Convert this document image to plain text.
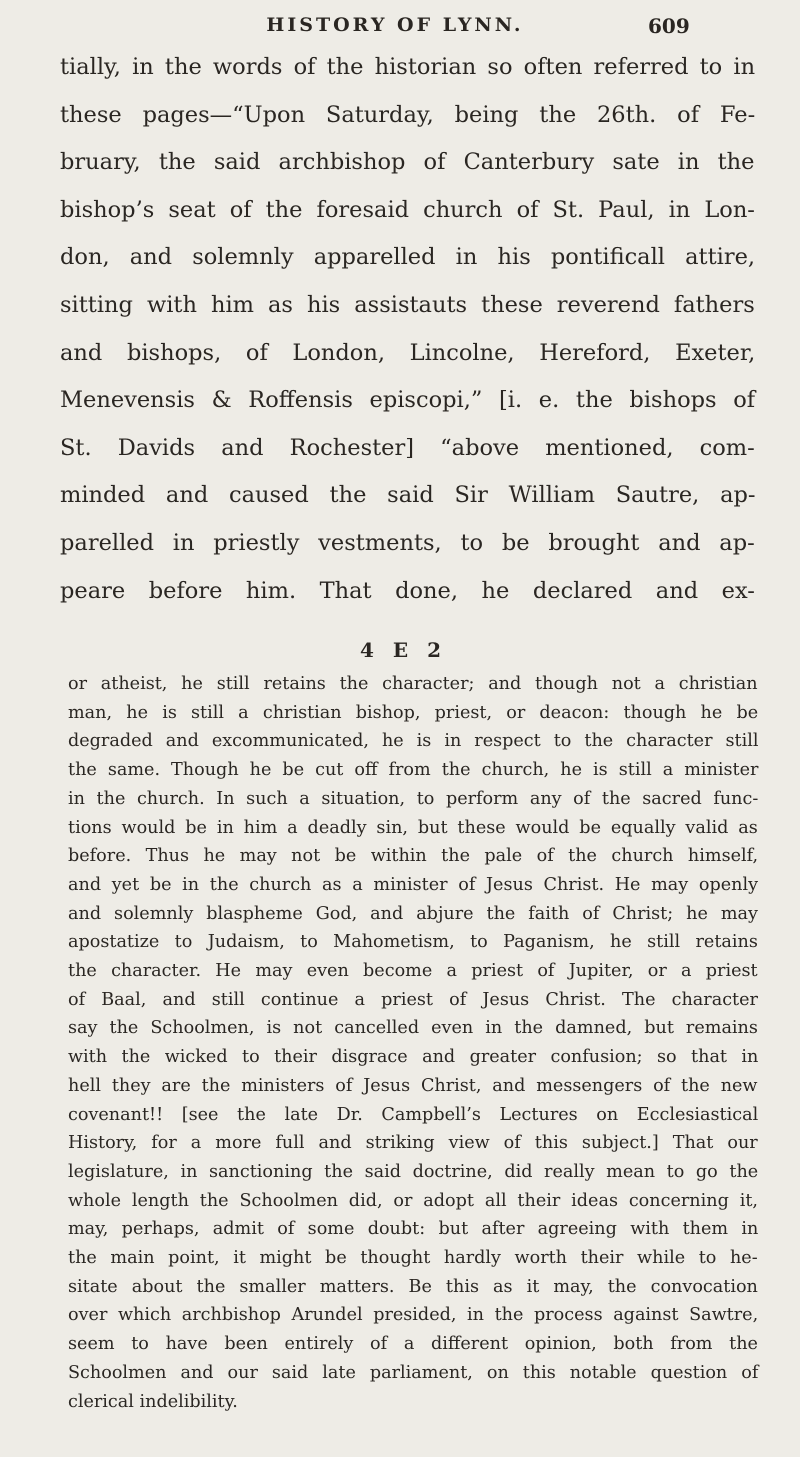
HISTORY OF LYNN.	609
tially, in the words of the historian so often referred to in
these pages—“Upon Saturday, being the 26th. of Fe-
bruary, the said archbishop of Canterbury sate in the
bishop’s seat of the foresaid church of St. Paul, in Lon-
don, and solemnly apparelled in his pontificall attire,
sitting with him as his assistauts these reverend fathers
and bishops, of London, Lincolne, Hereford, Exeter,
Menevensis & Roffensis episcopi,” [i. e. the bishops of
St. Davids and Rochester] “above mentioned, com-
minded and caused the said Sir William Sautre, ap-
parelled in priestly vestments, to be brought and ap-
peare before him. That done, he declared and ex-
4 E 2
or atheist, he still retains the character; and though not a christian
man, he is still a christian bishop, priest, or deacon: though he be
degraded and excommunicated, he is in respect to the character still
the same. Though he be cut off from the church, he is still a minister
in the church. In such a situation, to perform any of the sacred func-
tions would be in him a deadly sin, but these would be equally valid as
before. Thus he may not be within the pale of the church himself,
and yet be in the church as a minister of Jesus Christ. He may openly
and solemnly blaspheme God, and abjure the faith of Christ; he may
apostatize to Judaism, to Mahometism, to Paganism, he still retains
the character. He may even become a priest of Jupiter, or a priest
of Baal, and still continue a priest of Jesus Christ. The character
say the Schoolmen, is not cancelled even in the damned, but remains
with the wicked to their disgrace and greater confusion; so that in
hell they are the ministers of Jesus Christ, and messengers of the new
covenant!! [see the late Dr. Campbell’s Lectures on Ecclesiastical
History, for a more full and striking view of this subject.] That our
legislature, in sanctioning the said doctrine, did really mean to go the
whole length the Schoolmen did, or adopt all their ideas concerning it,
may, perhaps, admit of some doubt: but after agreeing with them in
the main point, it might be thought hardly worth their while to he-
sitate about the smaller matters. Be this as it may, the convocation
over which archbishop Arundel presided, in the process against Sawtre,
seem to have been entirely of a different opinion, both from the
Schoolmen and our said late parliament, on this notable question of
clerical indelibility.
